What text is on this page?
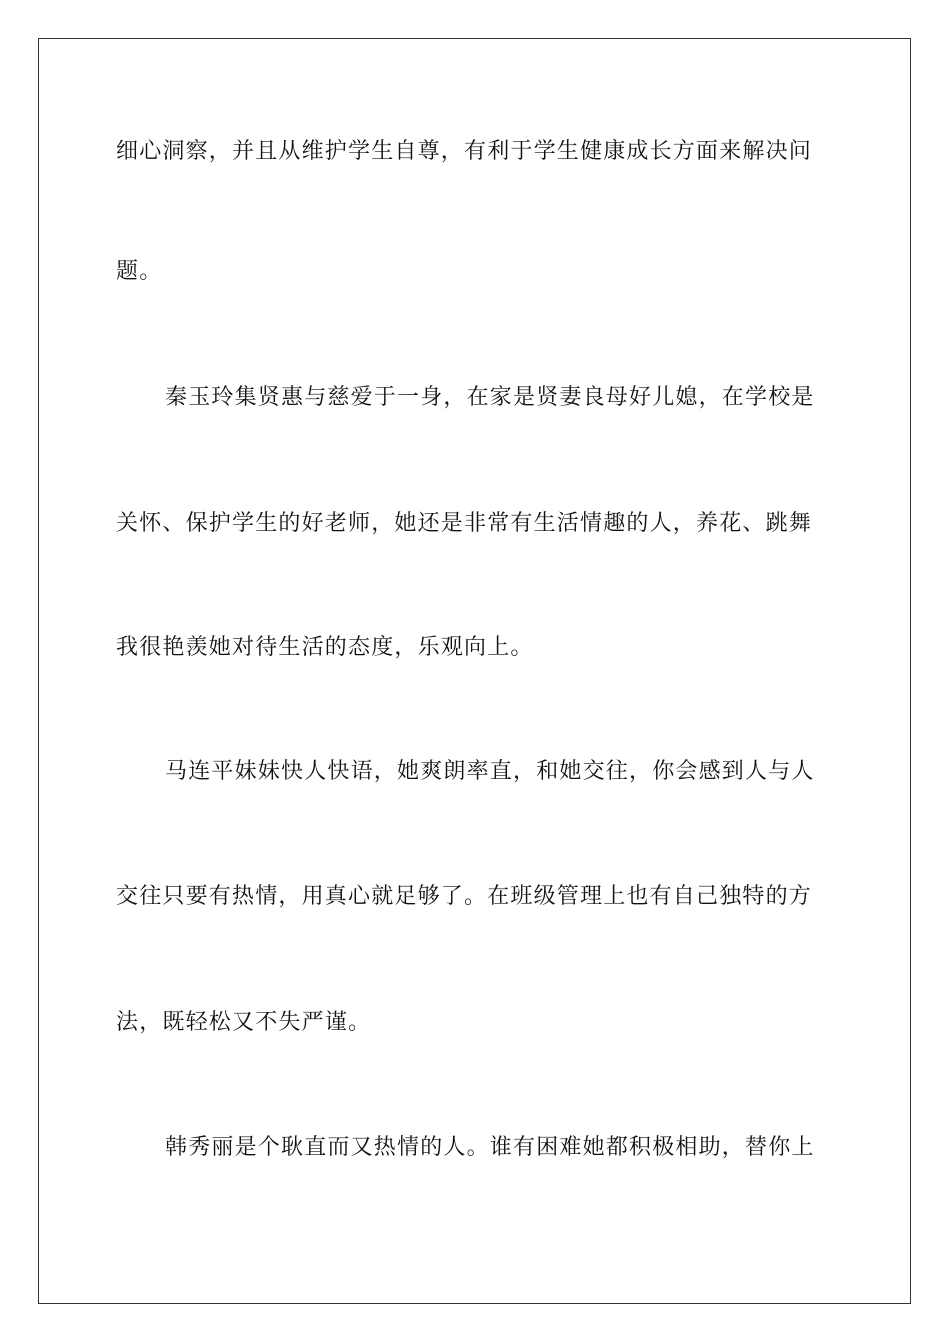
细心洞察，并且从维护学生自尊，有利于学生健康成长方面来解决问
题。
秦玉玲集贤惠与慈爱于一身，在家是贤妻良母好儿媳，在学校是
关怀、保护学生的好老师，她还是非常有生活情趣的人，养花、跳舞
我很艳羡她对待生活的态度，乐观向上。
马连平妹妹快人快语，她爽朗率直，和她交往，你会感到人与人
交往只要有热情，用真心就足够了。在班级管理上也有自己独特的方
法，既轻松又不失严谨。
韩秀丽是个耿直而又热情的人。谁有困难她都积极相助，替你上
